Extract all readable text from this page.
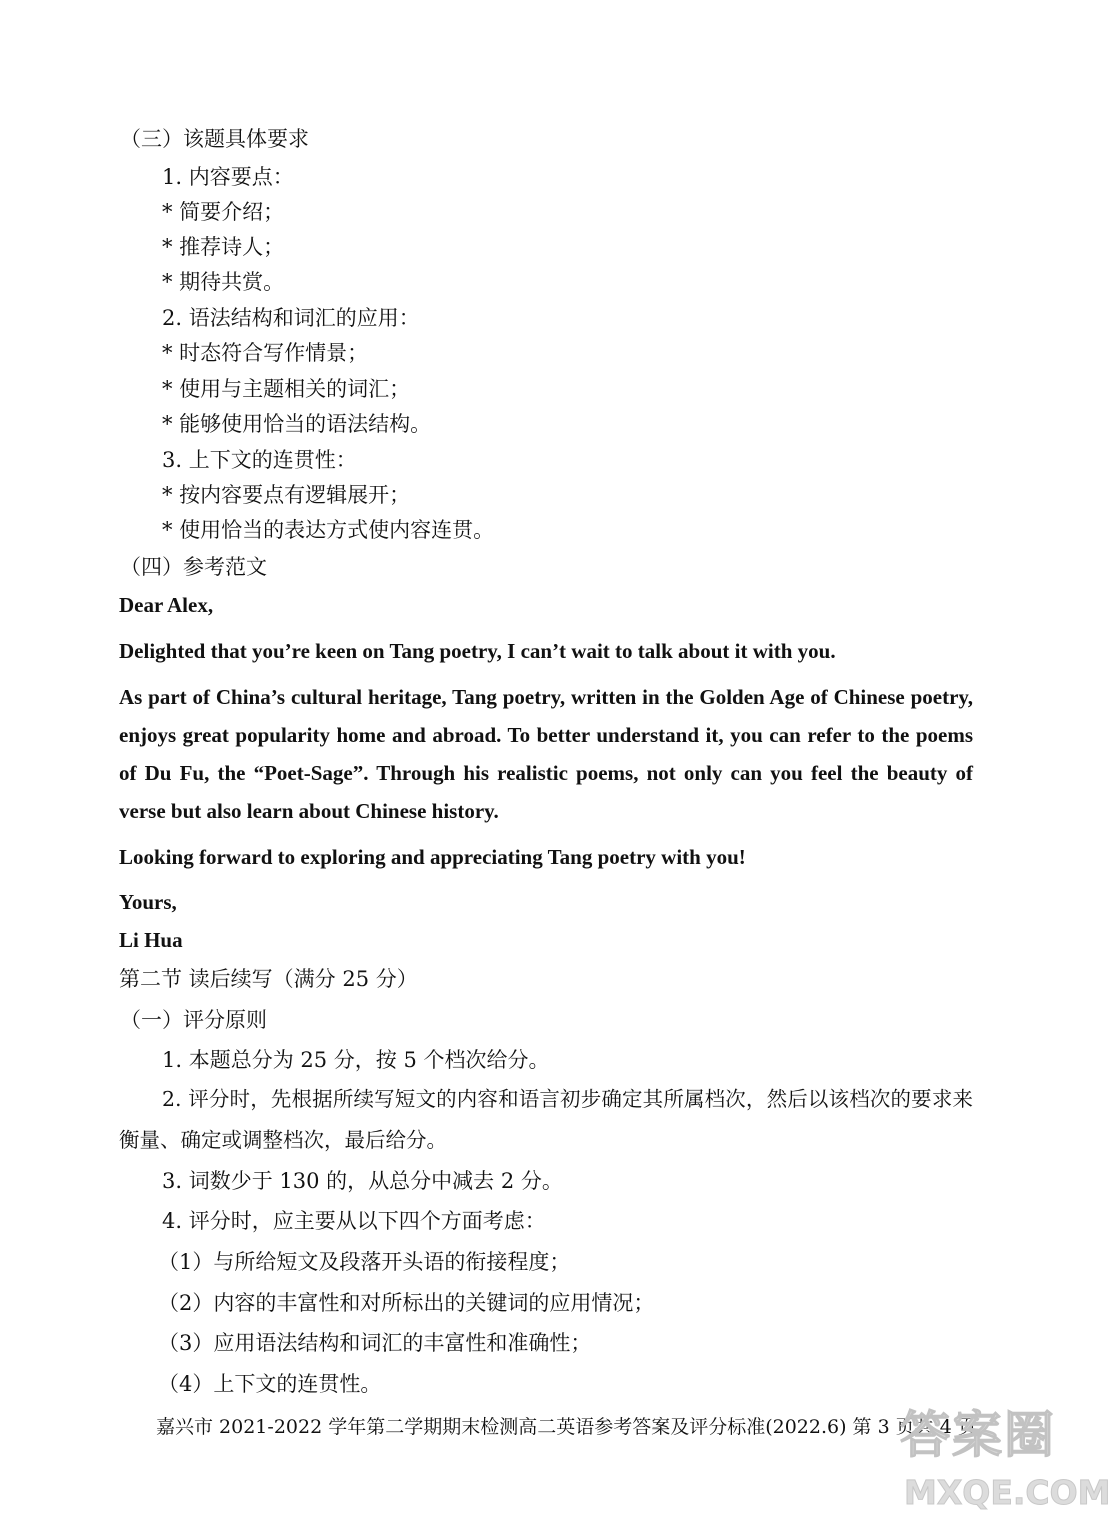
（三）该题具体要求

1. 内容要点：

* 简要介绍；

* 推荐诗人；

* 期待共赏。

2. 语法结构和词汇的应用：

* 时态符合写作情景；

* 使用与主题相关的词汇；

* 能够使用恰当的语法结构。

3. 上下文的连贯性：

* 按内容要点有逻辑展开；

* 使用恰当的表达方式使内容连贯。

（四）参考范文

Dear Alex,

Delighted that you’re keen on Tang poetry, I can’t wait to talk about it with you.

As part of China’s cultural heritage, Tang poetry, written in the Golden Age of Chinese poetry, enjoys great popularity home and abroad. To better understand it, you can refer to the poems of Du Fu, the “Poet-Sage”. Through his realistic poems, not only can you feel the beauty of verse but also learn about Chinese history.

Looking forward to exploring and appreciating Tang poetry with you!

Yours,

Li Hua

第二节 读后续写（满分 25 分）

（一）评分原则

1. 本题总分为 25 分，按 5 个档次给分。

2. 评分时，先根据所续写短文的内容和语言初步确定其所属档次，然后以该档次的要求来衡量、确定或调整档次，最后给分。

3. 词数少于 130 的，从总分中减去 2 分。

4. 评分时，应主要从以下四个方面考虑：

（1）与所给短文及段落开头语的衔接程度；

（2）内容的丰富性和对所标出的关键词的应用情况；

（3）应用语法结构和词汇的丰富性和准确性；

（4）上下文的连贯性。

嘉兴市 2021-2022 学年第二学期期末检测高二英语参考答案及评分标准(2022.6) 第 3 页共 4 页
答案圈
MXQE.COM
